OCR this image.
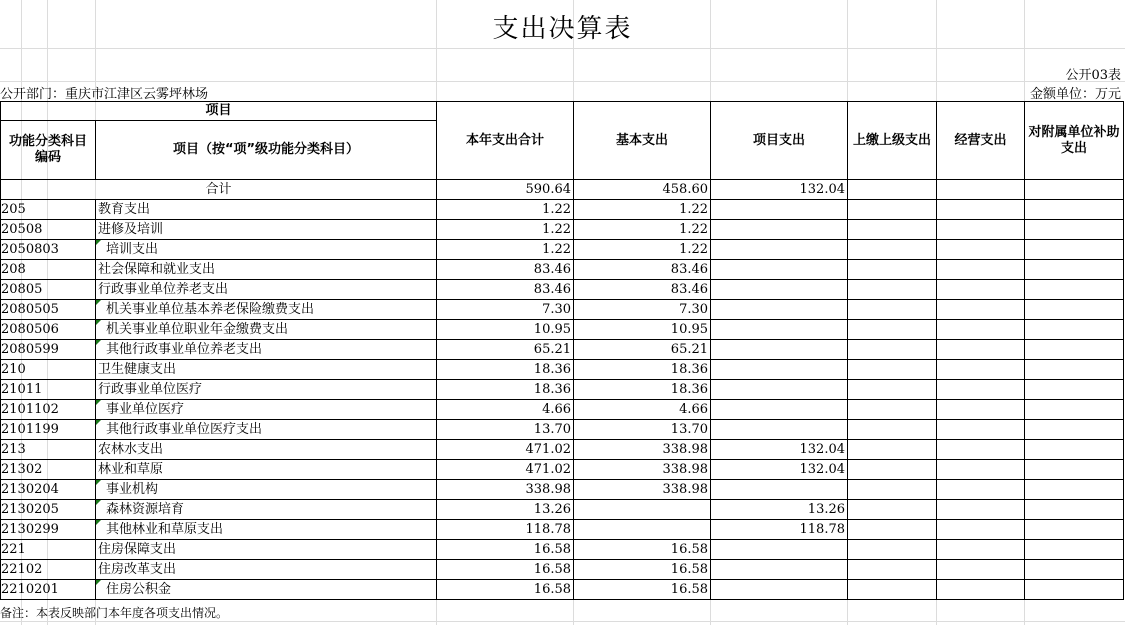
支出决算表
公开03表
公开部门：重庆市江津区云雾坪林场	金额单位：万元
项目		本年支出合计	基本支出	项目支出	上缴上级支出	经营支出	对附属单位补助支出
功能分类科目编码	项目（按“项”级功能分类科目）						
合计		590.64	458.60	132.04			
205	教育支出	1.22	1.22				
20508	进修及培训	1.22	1.22				
2050803	培训支出	1.22	1.22				
208	社会保障和就业支出	83.46	83.46				
20805	行政事业单位养老支出	83.46	83.46				
2080505	机关事业单位基本养老保险缴费支出	7.30	7.30				
2080506	机关事业单位职业年金缴费支出	10.95	10.95				
2080599	其他行政事业单位养老支出	65.21	65.21				
210	卫生健康支出	18.36	18.36				
21011	行政事业单位医疗	18.36	18.36				
2101102	事业单位医疗	4.66	4.66				
2101199	其他行政事业单位医疗支出	13.70	13.70				
213	农林水支出	471.02	338.98	132.04			
21302	林业和草原	471.02	338.98	132.04			
2130204	事业机构	338.98	338.98				
2130205	森林资源培育	13.26		13.26			
2130299	其他林业和草原支出	118.78		118.78			
221	住房保障支出	16.58	16.58				
22102	住房改革支出	16.58	16.58				
2210201	住房公积金	16.58	16.58				
备注：本表反映部门本年度各项支出情况。
